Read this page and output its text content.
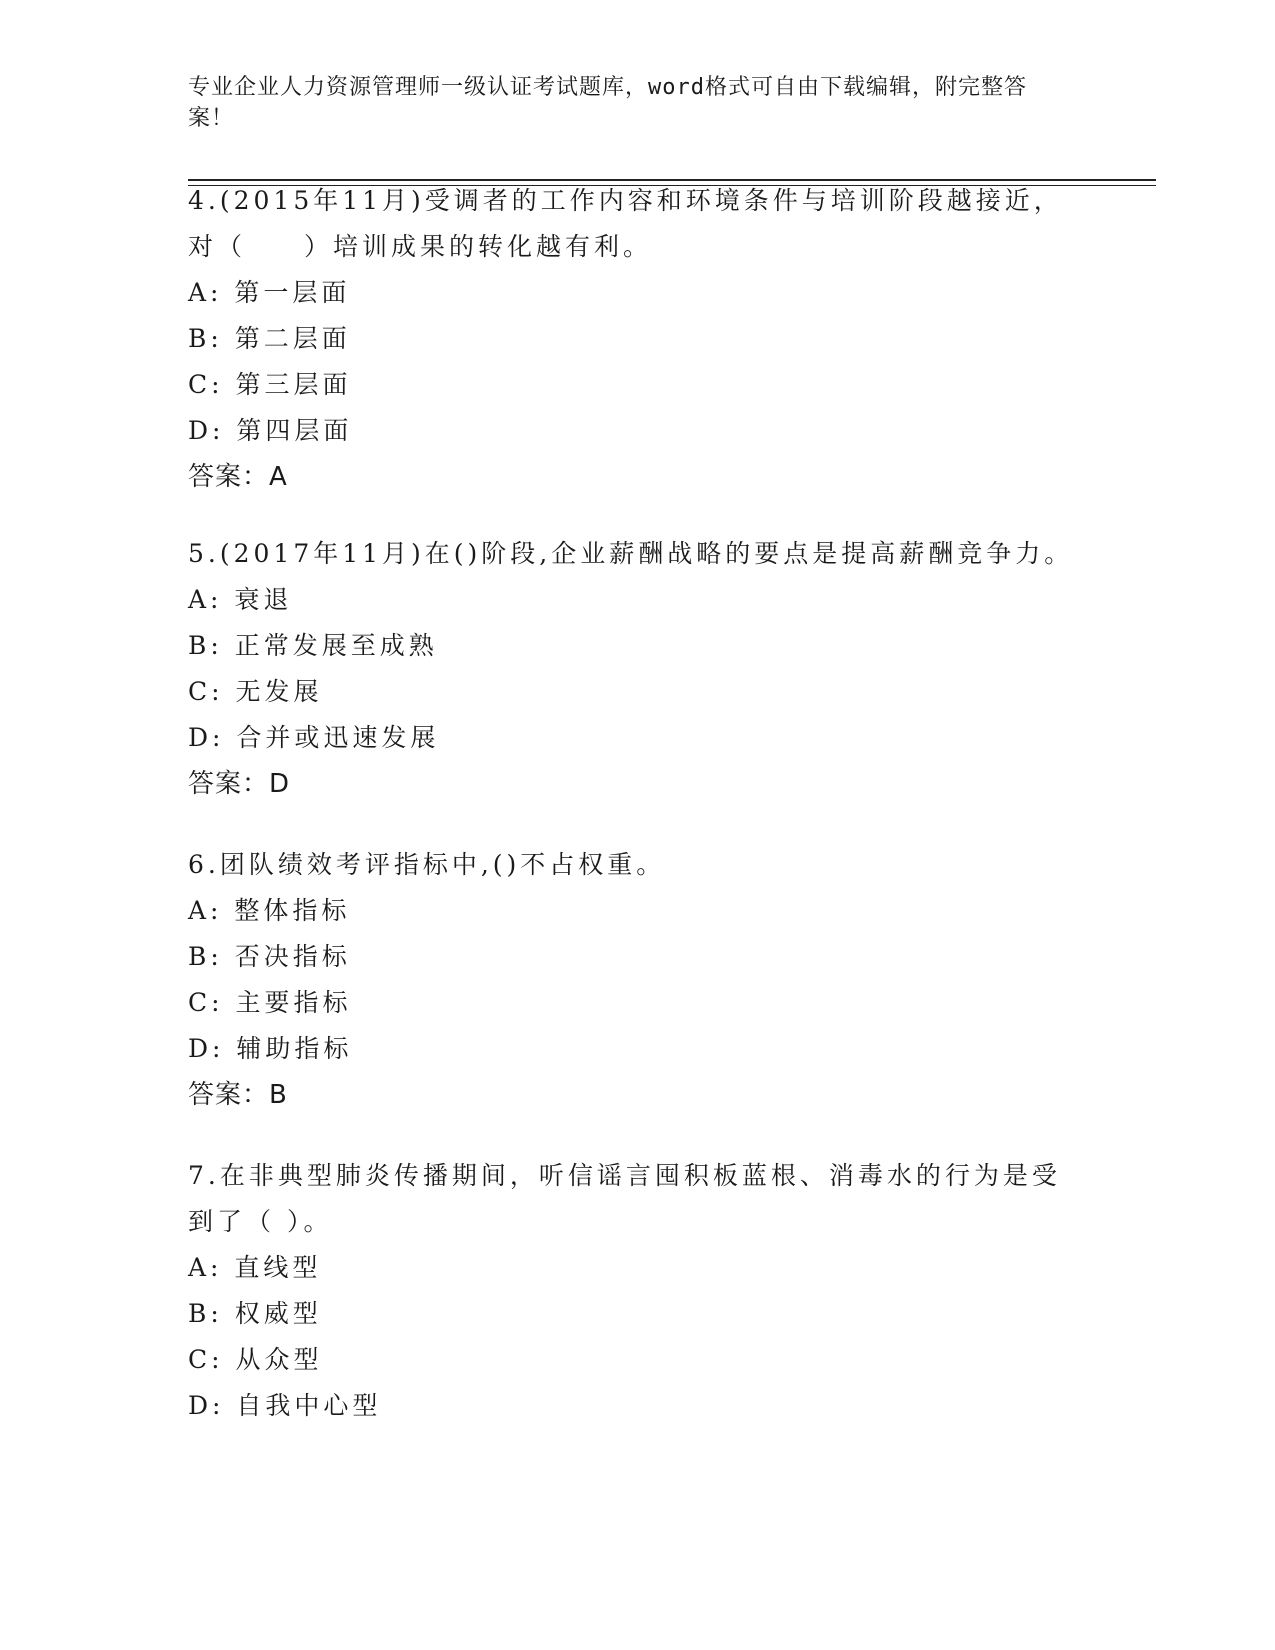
专业企业人力资源管理师一级认证考试题库，word格式可自由下载编辑，附完整答案！

4.(2015年11月)受调者的工作内容和环境条件与培训阶段越接近，对（　　）培训成果的转化越有利。

A: 第一层面

B: 第二层面

C: 第三层面

D: 第四层面

答案：A

5.(2017年11月)在()阶段,企业薪酬战略的要点是提高薪酬竞争力。

A: 衰退

B: 正常发展至成熟

C: 无发展

D: 合并或迅速发展

答案：D

6.团队绩效考评指标中,()不占权重。

A: 整体指标

B: 否决指标

C: 主要指标

D: 辅助指标

答案：B

7.在非典型肺炎传播期间，听信谣言囤积板蓝根、消毒水的行为是受到了（ ）。

A: 直线型

B: 权威型

C: 从众型

D: 自我中心型
